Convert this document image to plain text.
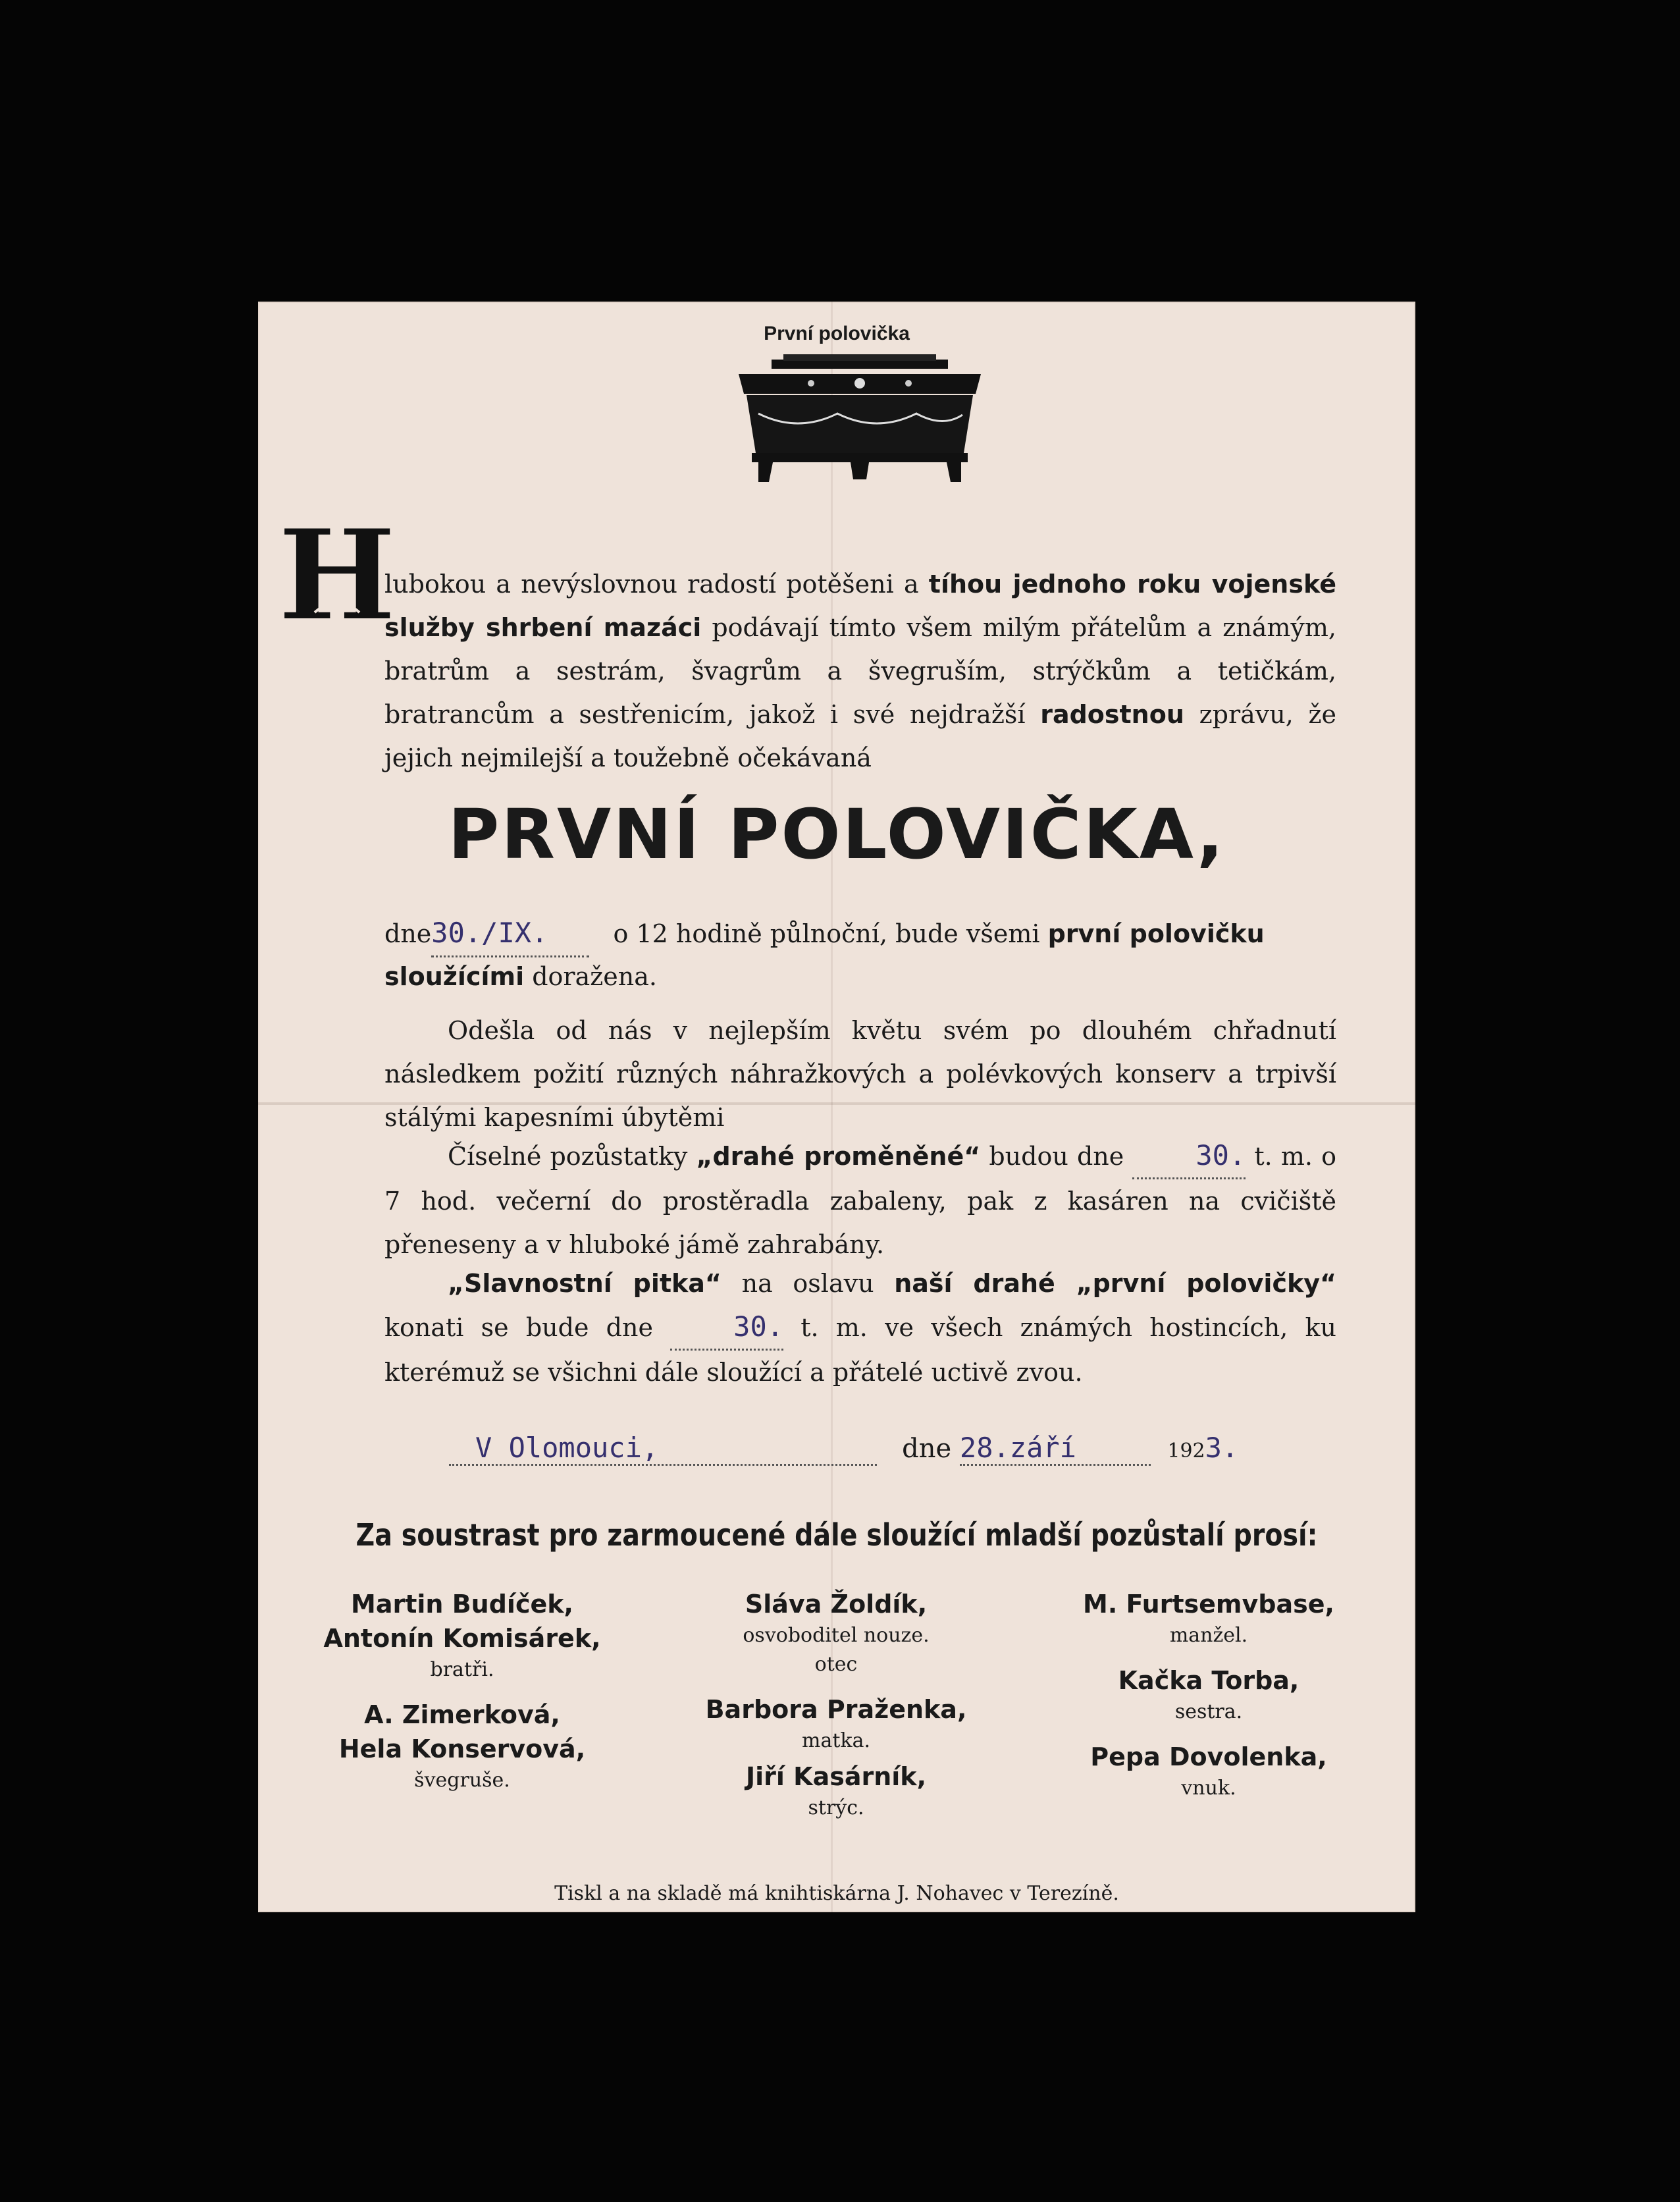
První polovička
H
lubokou a nevýslovnou radostí potěšeni a tíhou jednoho roku vojenské služby shrbení mazáci podávají tímto všem milým přátelům a známým, bratrům a sestrám, švagrům a švegruším, strýčkům a tetičkám, bratrancům a sestřenicím, jakož i své nejdražší radostnou zprávu, že jejich nejmilejší a toužebně očekávaná
PRVNÍ POLOVIČKA,
dne30./IX.	o 12 hodině půlnoční, bude všemi první polovičku
sloužícími doražena.
Odešla od nás v nejlepším květu svém po dlouhém chřadnutí následkem požití různých náhražkových a polévkových konserv a trpivší stálými kapesními úbytěmi
Číselné pozůstatky „drahé proměněné“ budou dne 30. t. m. o 7 hod. večerní do prostěradla zabaleny, pak z kasáren na cvičiště přeneseny a v hluboké jámě zahrabány.
„Slavnostní pitka“ na oslavu naší drahé „první polovičky“ konati se bude dne 30. t. m. ve všech známých hostincích, ku kterémuž se všichni dále sloužící a přátelé uctivě zvou.
V Olomouci,	dne 28.září	1923.
Za soustrast pro zarmoucené dále sloužící mladší pozůstalí prosí:
Martin Budíček,
Antonín Komisárek,
bratři.
A. Zimerková,
Hela Konservová,
švegruše.
Sláva Žoldík,
osvoboditel nouze.
otec
Barbora Praženka,
matka.
Jiří Kasárník,
strýc.
M. Furtsemvbase,
manžel.
Kačka Torba,
sestra.
Pepa Dovolenka,
vnuk.
Tiskl a na skladě má knihtiskárna J. Nohavec v Terezíně.
